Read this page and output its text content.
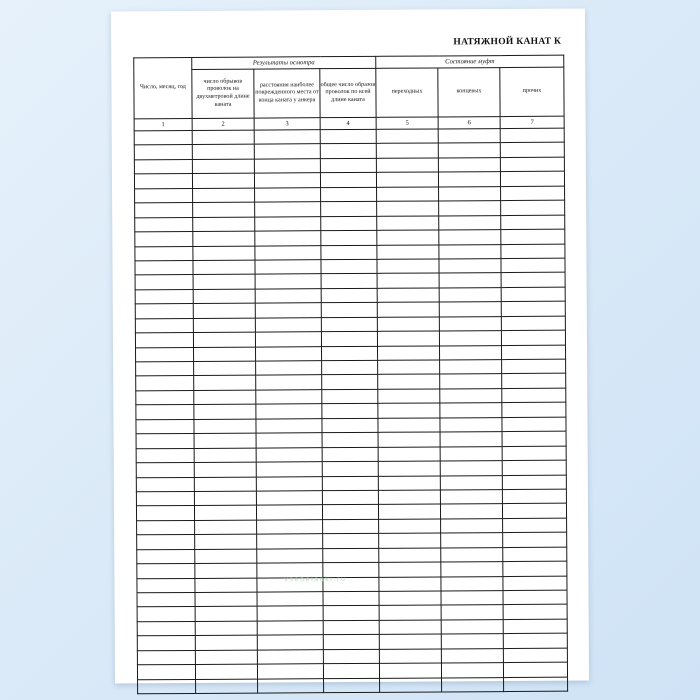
НАТЯЖНОЙ КАНАТ К
Число, месяц, год	Результаты осмотра			Состояние муфт		
	число обрывов проволок на двухметровой длине каната	расстояния наиболее поврежденного места от конца каната у анкера	общее число образов проволок по всей длине каната	переходных	концевых	прочих
1	2	3	4	5	6	7

vsebelanki.ru
